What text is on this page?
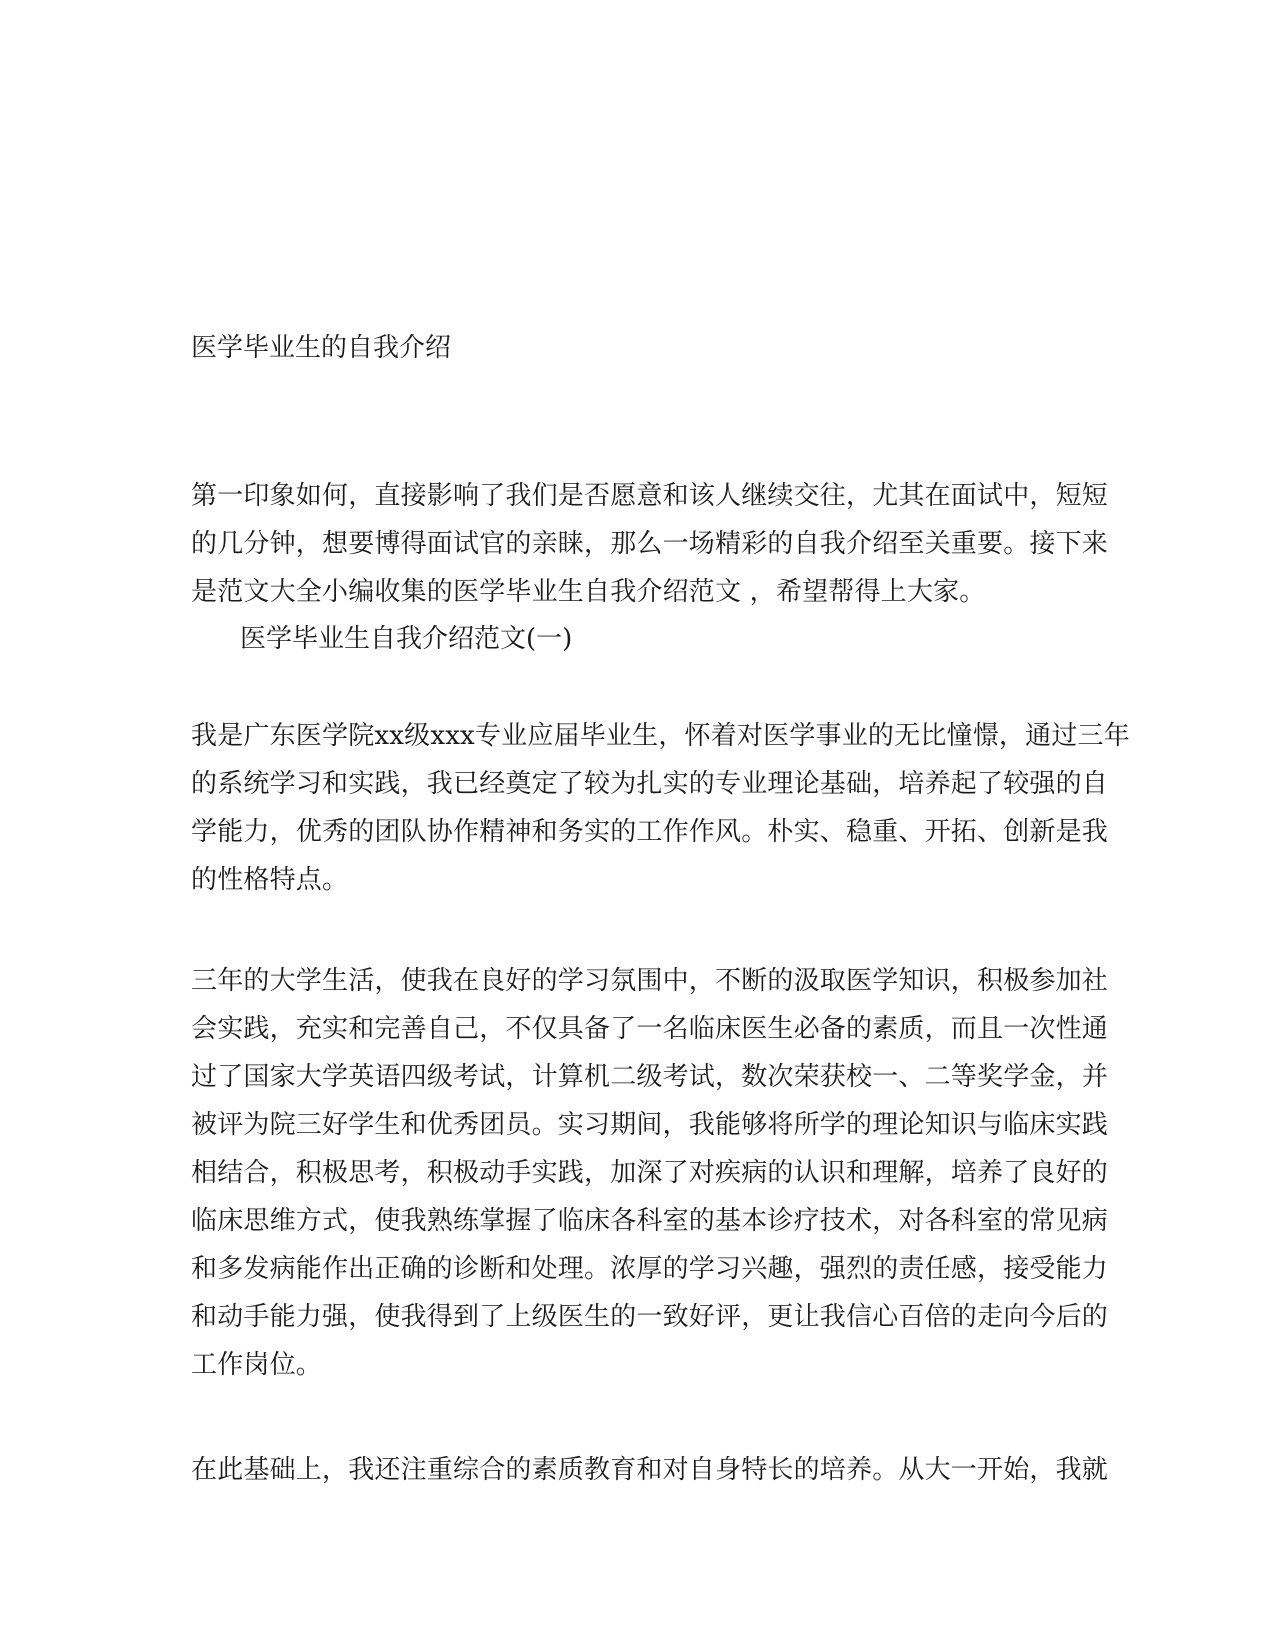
医学毕业生的自我介绍
第一印象如何，直接影响了我们是否愿意和该人继续交往，尤其在面试中，短短
的几分钟，想要博得面试官的亲睐，那么一场精彩的自我介绍至关重要。接下来
是范文大全小编收集的医学毕业生自我介绍范文 ，希望帮得上大家。
医学毕业生自我介绍范文(一)
我是广东医学院xx级xxx专业应届毕业生，怀着对医学事业的无比憧憬，通过三年
的系统学习和实践，我已经奠定了较为扎实的专业理论基础，培养起了较强的自
学能力，优秀的团队协作精神和务实的工作作风。朴实、稳重、开拓、创新是我
的性格特点。
三年的大学生活，使我在良好的学习氛围中，不断的汲取医学知识，积极参加社
会实践，充实和完善自己，不仅具备了一名临床医生必备的素质，而且一次性通
过了国家大学英语四级考试，计算机二级考试，数次荣获校一、二等奖学金，并
被评为院三好学生和优秀团员。实习期间，我能够将所学的理论知识与临床实践
相结合，积极思考，积极动手实践，加深了对疾病的认识和理解，培养了良好的
临床思维方式，使我熟练掌握了临床各科室的基本诊疗技术，对各科室的常见病
和多发病能作出正确的诊断和处理。浓厚的学习兴趣，强烈的责任感，接受能力
和动手能力强，使我得到了上级医生的一致好评，更让我信心百倍的走向今后的
工作岗位。
在此基础上，我还注重综合的素质教育和对自身特长的培养。从大一开始，我就
